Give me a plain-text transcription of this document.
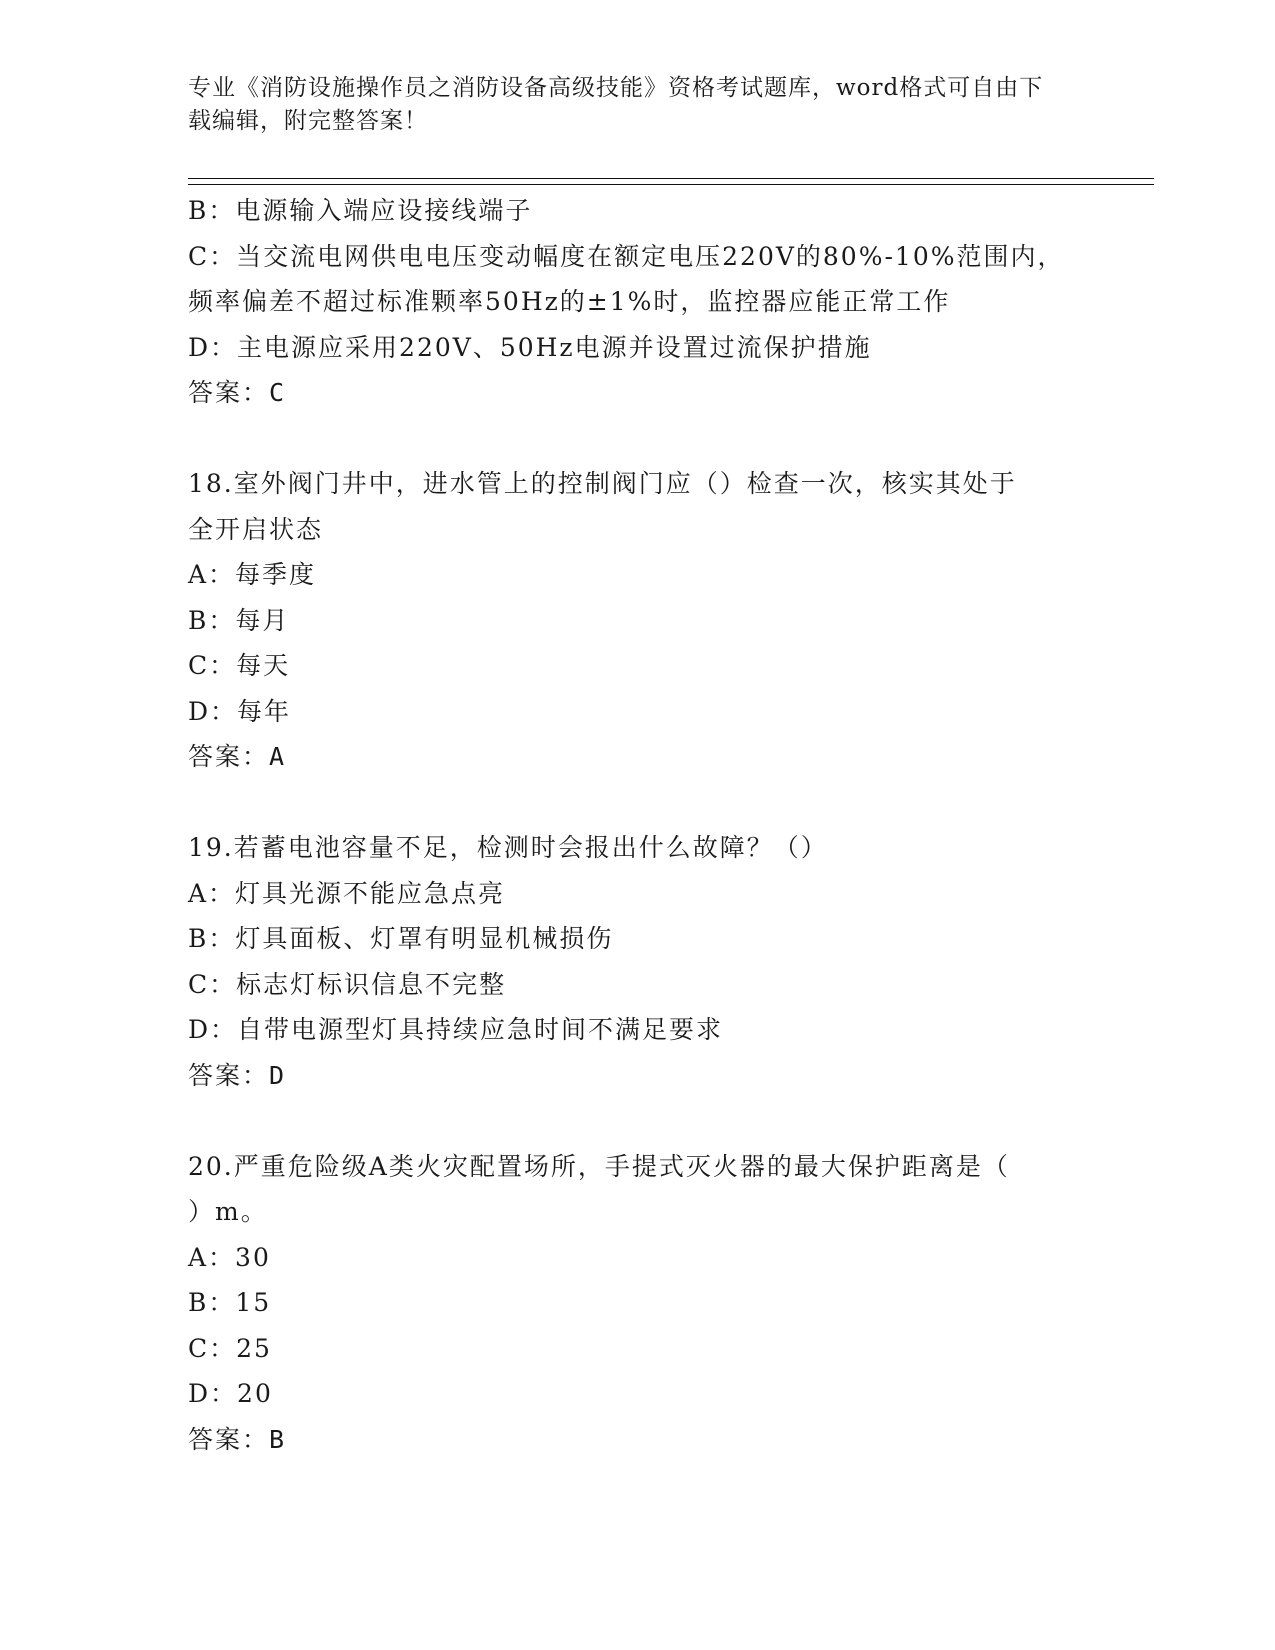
专业《消防设施操作员之消防设备高级技能》资格考试题库，word格式可自由下
载编辑，附完整答案！
B：电源输入端应设接线端子
C：当交流电网供电电压变动幅度在额定电压220V的80%-10%范围内，
频率偏差不超过标准颗率50Hz的±1%时，监控器应能正常工作
D：主电源应采用220V、50Hz电源并设置过流保护措施
答案：C
18.室外阀门井中，进水管上的控制阀门应（）检查一次，核实其处于
全开启状态
A：每季度
B：每月
C：每天
D：每年
答案：A
19.若蓄电池容量不足，检测时会报出什么故障？（）
A：灯具光源不能应急点亮
B：灯具面板、灯罩有明显机械损伤
C：标志灯标识信息不完整
D：自带电源型灯具持续应急时间不满足要求
答案：D
20.严重危险级A类火灾配置场所，手提式灭火器的最大保护距离是（
）m。
A：30
B：15
C：25
D：20
答案：B
